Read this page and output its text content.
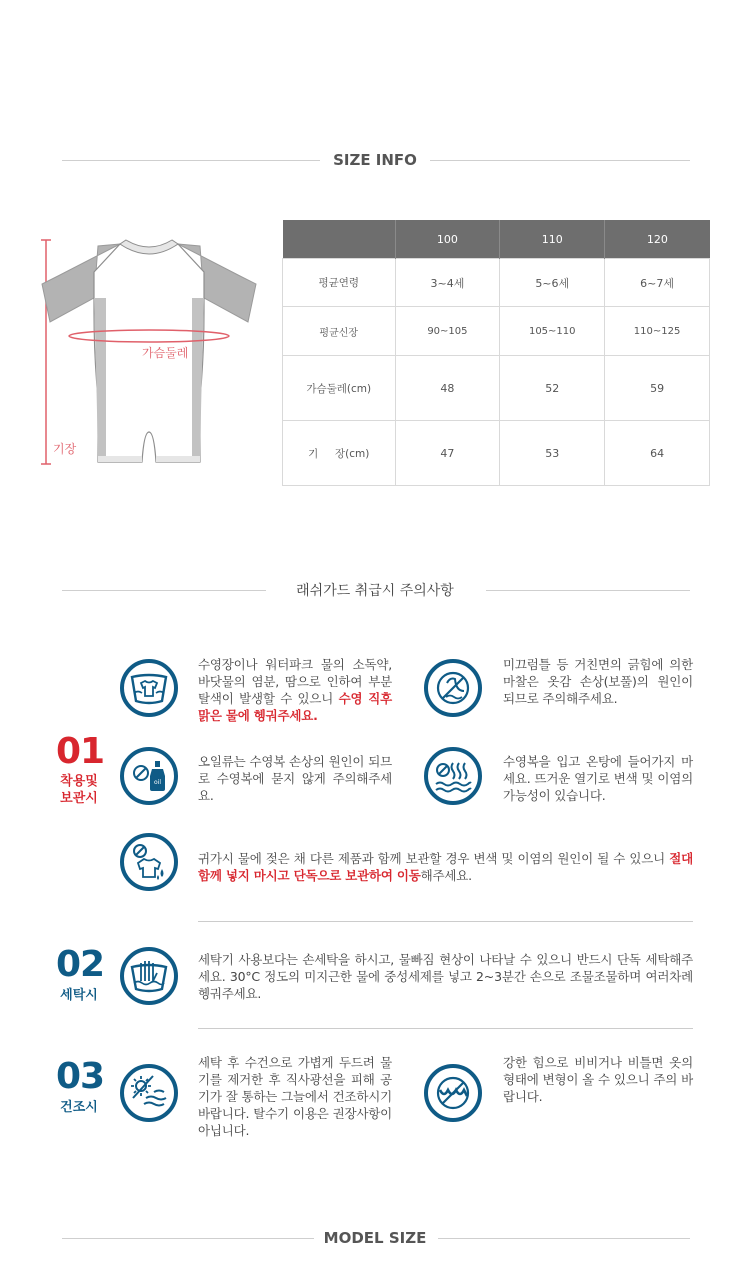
SIZE INFO
가슴둘레
기장
	100	110	120
평균연령	3~4세	5~6세	6~7세
평균신장	90~105	105~110	110~125
가슴둘레(cm)	48	52	59
기     장(cm)	47	53	64
래쉬가드 취급시 주의사항
01
착용및
보관시
수영장이나 워터파크 물의 소독약, 바닷물의 염분, 땀으로 인하여 부분 탈색이 발생할 수 있으니 수영 직후 맑은 물에 헹궈주세요.
미끄럼틀 등 거친면의 긁힘에 의한 마찰은 옷감 손상(보풀)의 원인이 되므로 주의해주세요.
oil
오일류는 수영복 손상의 원인이 되므로 수영복에 묻지 않게 주의해주세요.
수영복을 입고 온탕에 들어가지 마세요. 뜨거운 열기로 변색 및 이염의 가능성이 있습니다.
귀가시 물에 젖은 채 다른 제품과 함께 보관할 경우 변색 및 이염의 원인이 될 수 있으니 절대 함께 넣지 마시고 단독으로 보관하여 이동해주세요.
02
세탁시
세탁기 사용보다는 손세탁을 하시고, 물빠짐 현상이 나타날 수 있으니 반드시 단독 세탁해주세요. 30°C 정도의 미지근한 물에 중성세제를 넣고 2~3분간 손으로 조물조물하며 여러차례 헹궈주세요.
03
건조시
세탁 후 수건으로 가볍게 두드려 물기를 제거한 후 직사광선을 피해 공기가 잘 통하는 그늘에서 건조하시기 바랍니다. 탈수기 이용은 권장사항이 아닙니다.
강한 힘으로 비비거나 비틀면 옷의 형태에 변형이 올 수 있으니 주의 바랍니다.
MODEL SIZE
